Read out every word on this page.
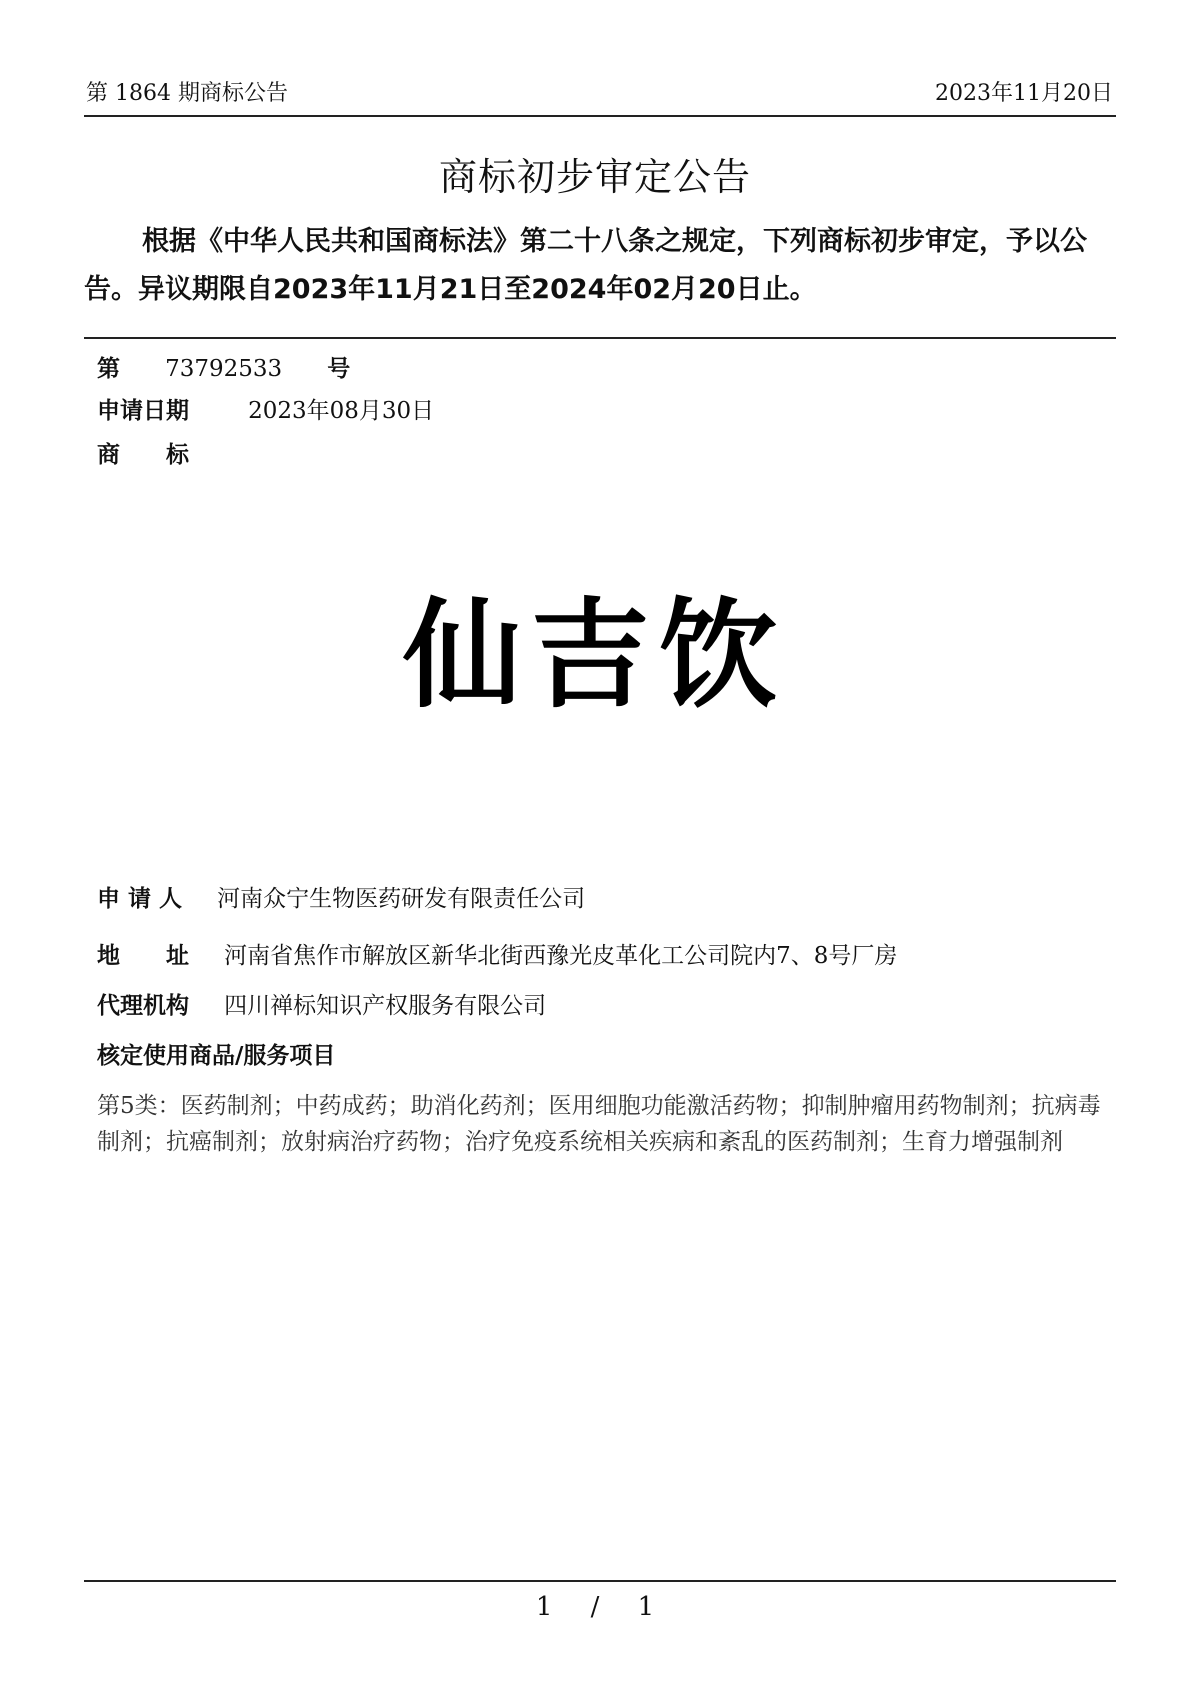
第 1864 期商标公告	2023年11月20日
商标初步审定公告
根据《中华人民共和国商标法》第二十八条之规定，下列商标初步审定，予以公告。异议期限自2023年11月21日至2024年02月20日止。
第 73792533 号
申请日期	2023年08月30日
商　　标
仙吉饮
申 请 人 河南众宁生物医药研发有限责任公司
地　　址 河南省焦作市解放区新华北街西豫光皮革化工公司院内7、8号厂房
代理机构 四川禅标知识产权服务有限公司
核定使用商品/服务项目
第5类：医药制剂；中药成药；助消化药剂；医用细胞功能激活药物；抑制肿瘤用药物制剂；抗病毒制剂；抗癌制剂；放射病治疗药物；治疗免疫系统相关疾病和紊乱的医药制剂；生育力增强制剂
1 / 1
